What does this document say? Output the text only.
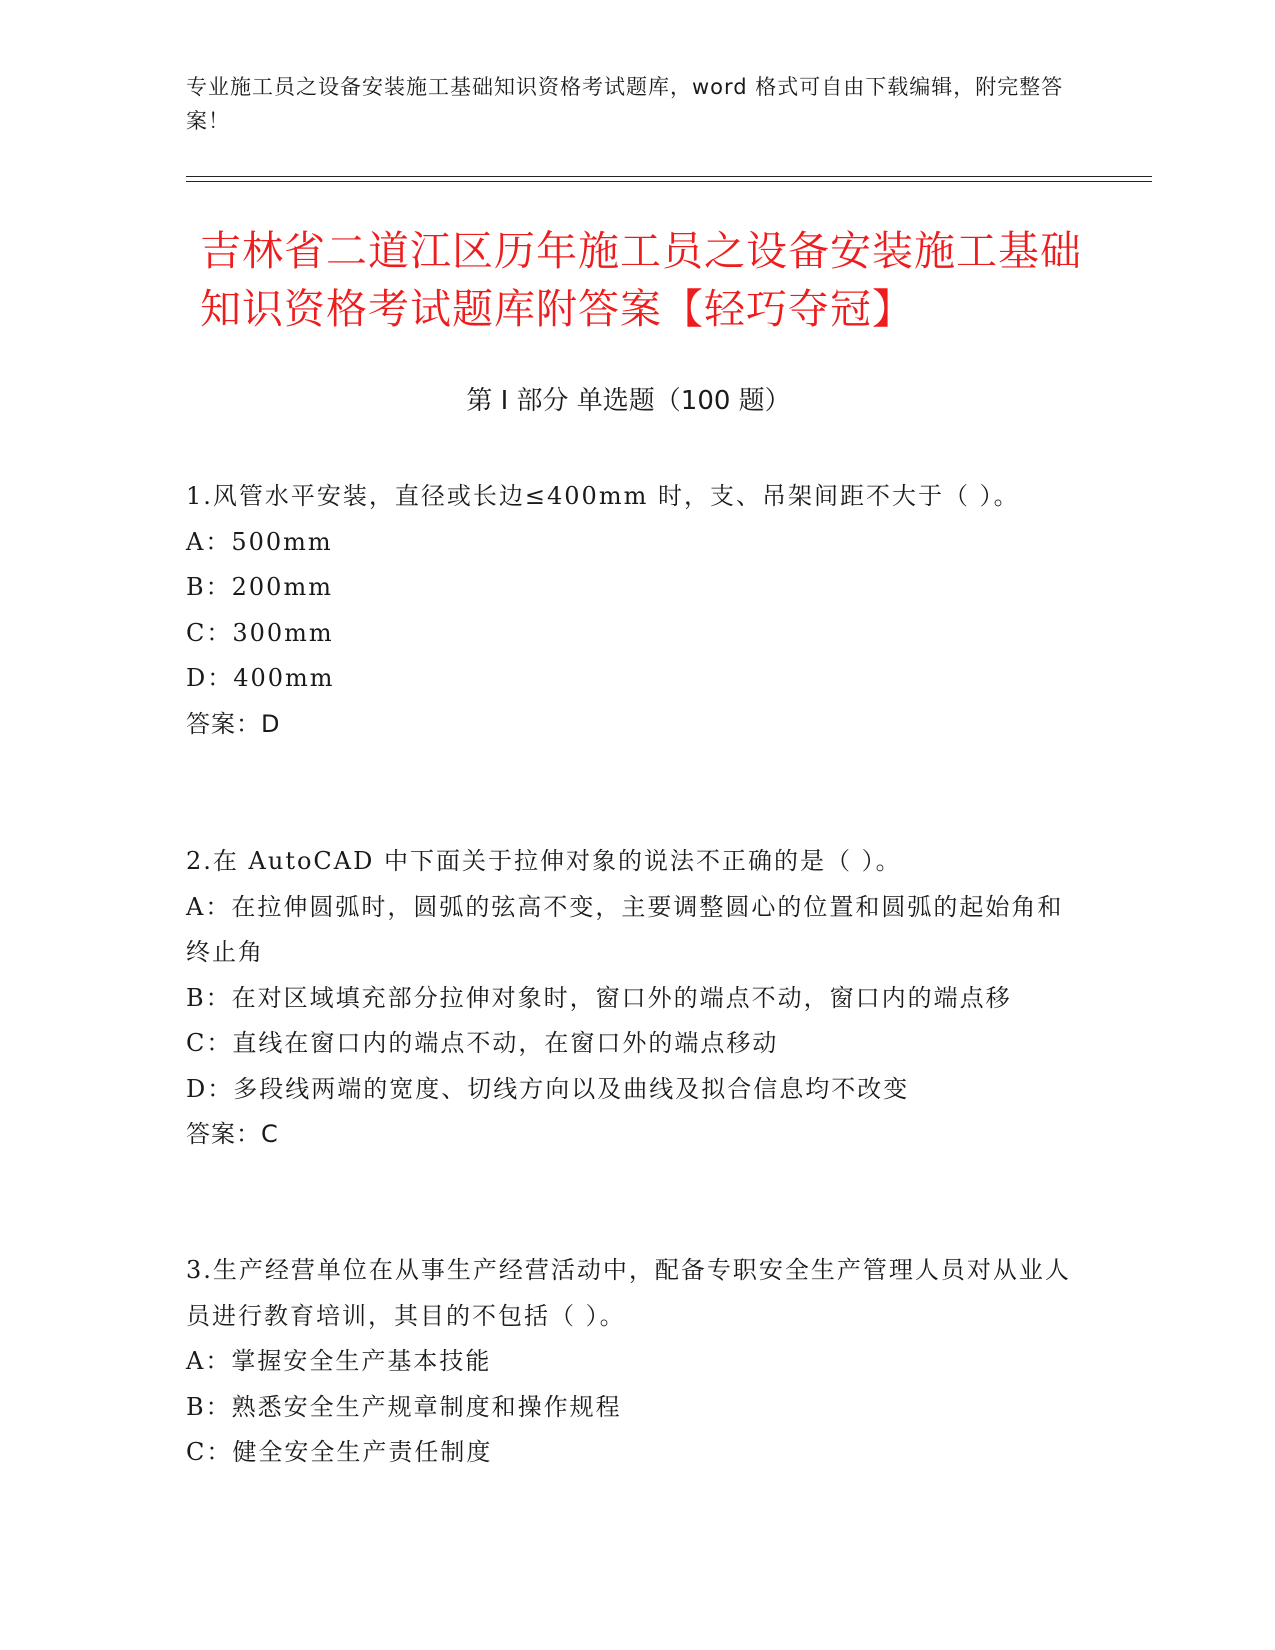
专业施工员之设备安装施工基础知识资格考试题库，word 格式可自由下载编辑，附完整答案！
吉林省二道江区历年施工员之设备安装施工基础知识资格考试题库附答案【轻巧夺冠】
第 I 部分 单选题（100 题）

1.风管水平安装，直径或长边≤400mm 时，支、吊架间距不大于（ ）。

A：500mm

B：200mm

C：300mm

D：400mm

答案：D

2.在 AutoCAD 中下面关于拉伸对象的说法不正确的是（ ）。

A：在拉伸圆弧时，圆弧的弦高不变，主要调整圆心的位置和圆弧的起始角和终止角

B：在对区域填充部分拉伸对象时，窗口外的端点不动，窗口内的端点移

C：直线在窗口内的端点不动，在窗口外的端点移动

D：多段线两端的宽度、切线方向以及曲线及拟合信息均不改变

答案：C

3.生产经营单位在从事生产经营活动中，配备专职安全生产管理人员对从业人员进行教育培训，其目的不包括（ ）。

A：掌握安全生产基本技能

B：熟悉安全生产规章制度和操作规程

C：健全安全生产责任制度
